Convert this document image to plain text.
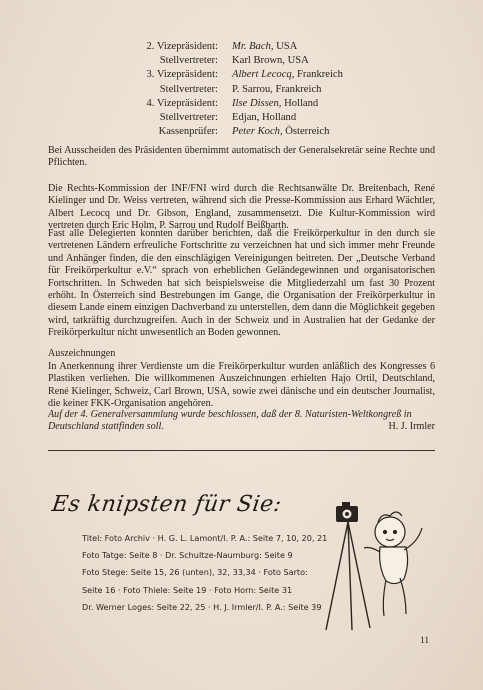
2. Vizepräsident:	Mr. Bach, USA
Stellvertreter:	Karl Brown, USA
3. Vizepräsident:	Albert Lecocq, Frankreich
Stellvertreter:	P. Sarrou, Frankreich
4. Vizepräsident:	Ilse Dissen, Holland
Stellvertreter:	Edjan, Holland
Kassenprüfer:	Peter Koch, Österreich

Bei Ausscheiden des Präsidenten übernimmt automatisch der Generalsekretär seine Rechte und Pflichten.

Die Rechts-Kommission der INF/FNI wird durch die Rechtsanwälte Dr. Breitenbach, René Kielinger und Dr. Weiss vertreten, während sich die Presse-Kommission aus Erhard Wächtler, Albert Lecocq und Dr. Gibson, England, zusammensetzt. Die Kultur-Kommission wird vertreten durch Eric Holm, P. Sarrou und Rudolf Beißbarth.

Fast alle Delegierten konnten darüber berichten, daß die Freikörperkultur in den durch sie vertretenen Ländern erfreuliche Fortschritte zu verzeichnen hat und sich immer mehr Freunde und Anhänger finden, die den einschlägigen Vereinigungen beitreten. Der „Deutsche Verband für Freikörperkultur e.V.“ sprach von erheblichen Geländegewinnen und organisatorischen Fortschritten. In Schweden hat sich beispielsweise die Mitgliederzahl um fast 30 Prozent erhöht. In Österreich sind Bestrebungen im Gange, die Organisation der Freikörperkultur in diesem Lande einem einzigen Dachverband zu unterstellen, dem dann die Möglichkeit gegeben wird, tatkräftig durchzugreifen. Auch in der Schweiz und in Australien hat der Gedanke der Freikörperkultur nicht unwesentlich an Boden gewonnen.

Auszeichnungen

In Anerkennung ihrer Verdienste um die Freikörperkultur wurden anläßlich des Kongresses 6 Plastiken verliehen. Die willkommenen Auszeichnungen erhielten Hajo Ortil, Deutschland, René Kielinger, Schweiz, Carl Brown, USA, sowie zwei dänische und ein deutscher Journalist, die keiner FKK-Organisation angehören.

Auf der 4. Generalversammlung wurde beschlossen, daß der 8. Naturisten-Weltkongreß in

Deutschland stattfinden soll.	H. J. Irmler
Es knipsten für Sie:
Titel: Foto Archiv · H. G. L. Lamont/I. P. A.: Seite 7, 10, 20, 21
Foto Tatge: Seite 8 · Dr. Schultze-Naumburg: Seite 9
Foto Stege: Seite 15, 26 (unten), 32, 33,34 · Foto Sarto:
Seite 16 · Foto Thiele: Seite 19 · Foto Horn: Seite 31
Dr. Werner Loges: Seite 22, 25 · H. J. Irmler/I. P. A.: Seite 39
11
